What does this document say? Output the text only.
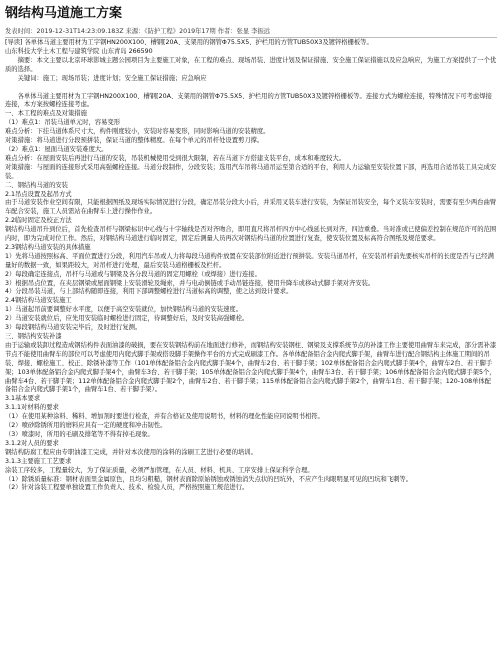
钢结构马道施工方案
发表时间：2019-12-31T14:23:09.183Z 来源：《防护工程》2019年17期 作者：张显 李振远

[导读] 各单体马道主要用材为工字钢HN200X100、槽钢[20A、支架用的钢管Φ75.5X5、护栏用的方管TUB50X3及镀锌格栅板等。

山东科技大学土木工程与建筑学院 山东青岛 266590

摘要：本文主要以北京环球影城主题公园项目为主要施工对象，在工程的难点、现场吊装、进度计划及保证措施、安全施工保证措施以及应急响应，为施工方案提供了一个优质的选择。

关键词：施工；现场吊装；进度计划；安全施工保证措施；应急响应

各单体马道主要用材为工字钢HN200X100、槽钢[20A、支架用的钢管Φ75.5X5、护栏用的方管TUB50X3及镀锌格栅板等。连接方式为螺栓连接，特殊情况下可考虑焊接连接，本方案按螺栓连接考虑。

一、本工程的难点及对策措施

（1）难点1：吊装马道单元时，容易变形

难点分析：下挂马道体系尺寸大，构件刚度较小，安装时容易变形，同时影响马道的安装精度。

对策措施：将马道进行分段预拼装，保证马道的整体精度。在每个单元的吊杆处设置剪刀撑。

（2）难点1：屋面马道安装难度大。

难点分析：在屋面安装后再进行马道的安装，吊装机械使用受到很大限制，若在马道下方搭建支装平台，成本和难度较大。

对策措施：与屋面的连接形式采用高强螺栓连接。马道分段制作，分段安装；选用汽车吊将马道吊运至第合适的平台，利用人力运输至安装位置下部，再选用合适吊装工具完成安装。

二、钢结构马道的安装

2.1吊点设置及起吊方式

由于马道安装作业空间有限，只能根据图纸及现场实际情况进行分段，确定吊装分段大小后，并采用叉装车进行安装，为保证吊装安全，每个叉装车安装时，需要有至少两台曲臂车配合安装，施工人员需站在曲臂车上进行操作作业。

2.2临时固定及校正方法

钢结构马道吊升到位后，首先检查吊杆与钢梁标识中心线与十字轴线是否对齐吻合，即用直尺将吊杆四方中心线延长到对齐，四边重叠。当对准或已使偏差控制在规范许可的范围内时，即为完成对位工作。然后，对钢结构马道进行临时固定，固定后测量人员再次对钢结构马道的位置进行复查，使安装位置及标高符合图纸及规范要求。

2.3钢结构马道安装的具体措施

1）先将马道按照标高、平面位置进行分段，利用汽车吊或人力将每段马道构件放置在安装部位附近进行预拼装。安装马道吊杆，在安装吊杆前先要核实吊杆的长度是否与已经满量好的数据一致，如果距较大，对吊杆进行处理，最后安装马道格栅板及栏杆。

2）每段确定连接点，吊杆与马道或与钢梁及各分段马道的固定用螺栓（或焊接）进行连接。

3）根据吊点位置，在夹层钢梁或屋面钢梁上安装滑轮及绳索，并与电动倒链或手动吊链连接，使用升降车或移动式脚手架对齐安装。

4）分段吊装马道，与上部结构随即连接，利用下部调整螺栓进行马道标高的调整，使之达到设计要求。

2.4钢结构马道安装施工

1）马道起吊前要调整好水平度，以便于高空安装就位，加快钢结构马道的安装速度。

2）马道安装就位后，应先用安装临时螺栓进行固定，待调整好后，及时安装高强螺栓。

3）每段钢结构马道安装完毕后，及时进行复测。

三、钢结构安装补漆

由于运输或装卸过程造成钢结构件表面油漆的破损，要在安装钢结构前在地面进行修补，而钢结构安装钢柱、钢梁及支撑系统节点的补漆工作主要使用曲臂车来完成，部分需补漆节点不能使用曲臂车的部位可以考虑使用内爬式脚手架或搭设脚手架操作平台的方式完成刷漆工作。各单体配备铝合金内爬式脚手架，曲臂车进行配合钢结构主体施工期间的吊装、焊接、螺栓施工、校正、除锈补漆等工作（101单体配备铝合金内爬式脚手架4个，曲臂车2台、若干脚手架；102单体配备铝合金内爬式脚手架4个，曲臂车2台、若干脚手架；103单体配备铝合金内爬式脚手架4个，曲臂车3台、若干脚手架；105单体配备铝合金内爬式脚手架4个，曲臂车3台、若干脚手架；106单体配备铝合金内爬式脚手架5个，曲臂车4台、若干脚手架；112单体配备铝合金内爬式脚手架2个，曲臂车2台、若干脚手架；115单体配备铝合金内爬式脚手架2个，曲臂车1台、若干脚手架；120-108单体配备铝合金内爬式脚手架1个，曲臂车1台、若干脚手架）。

3.1基本要求

3.1.1对材料的要求

（1）在使用某种涂料、稀料、增加剂时要进行检查，并有合格证及使用说明书，材料的理化性能应同说明书相符。

（2）喷砂除锈所用的磨料应具有一定的硬度和冲击韧性。

（3）喷漆时，所用的毛刷及排笔等不得有掉毛现象。

3.1.2对人员的要求

钢结构防腐工程应由专职油漆工完成，并针对本次使用的涂料的涂刷工艺进行必要的培训。

3.1.3主要施工工艺要求

涂装工序较多，工程量较大，为了保证质量，必须严加管理，在人员、材料、机具、工序安排上保证科学合理。

（1）除锈质量标准：钢材表面里金属原色，且均匀粗糙，钢材表面除原始锈蚀或锈蚀消失点状的凹坑外，不应产生肉眼明显可见的凹坑和飞刺等。

（2）针对涂装工程要单独设置工作负责人、技术、检验人员，严格按照施工规范进行。
